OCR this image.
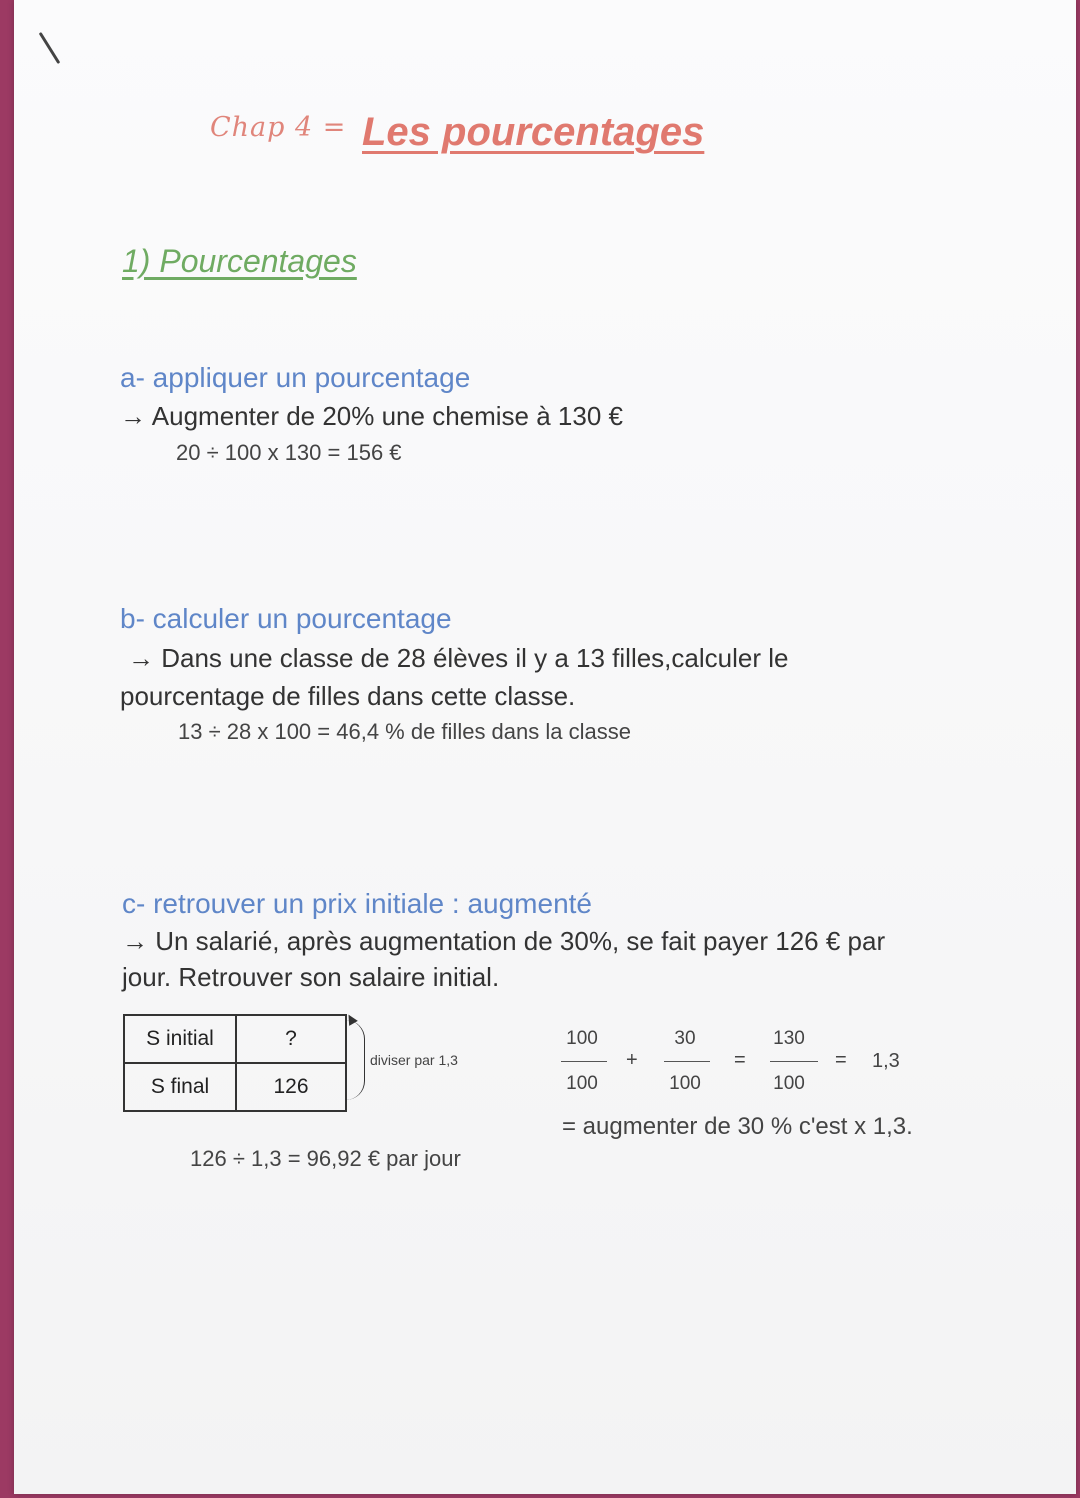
Chap 4 = Les pourcentages
1) Pourcentages
a- appliquer un pourcentage
→ Augmenter de 20% une chemise à 130 €
20 ÷ 100 x 130 = 156 €
b- calculer un pourcentage
→ Dans une classe de 28 élèves il y a 13 filles,calculer le
pourcentage de filles dans cette classe.
13 ÷ 28 x 100 = 46,4 % de filles dans la classe
c- retrouver un prix initiale : augmenté
→ Un salarié, après augmentation de 30%, se fait payer 126 € par
jour. Retrouver son salaire initial.
S initial	?
S final	126
diviser par 1,3
126 ÷ 1,3 = 96,92 € par jour
100
100
+
30
100
=
130
100
= 1,3
= augmenter de 30 % c'est x 1,3.
